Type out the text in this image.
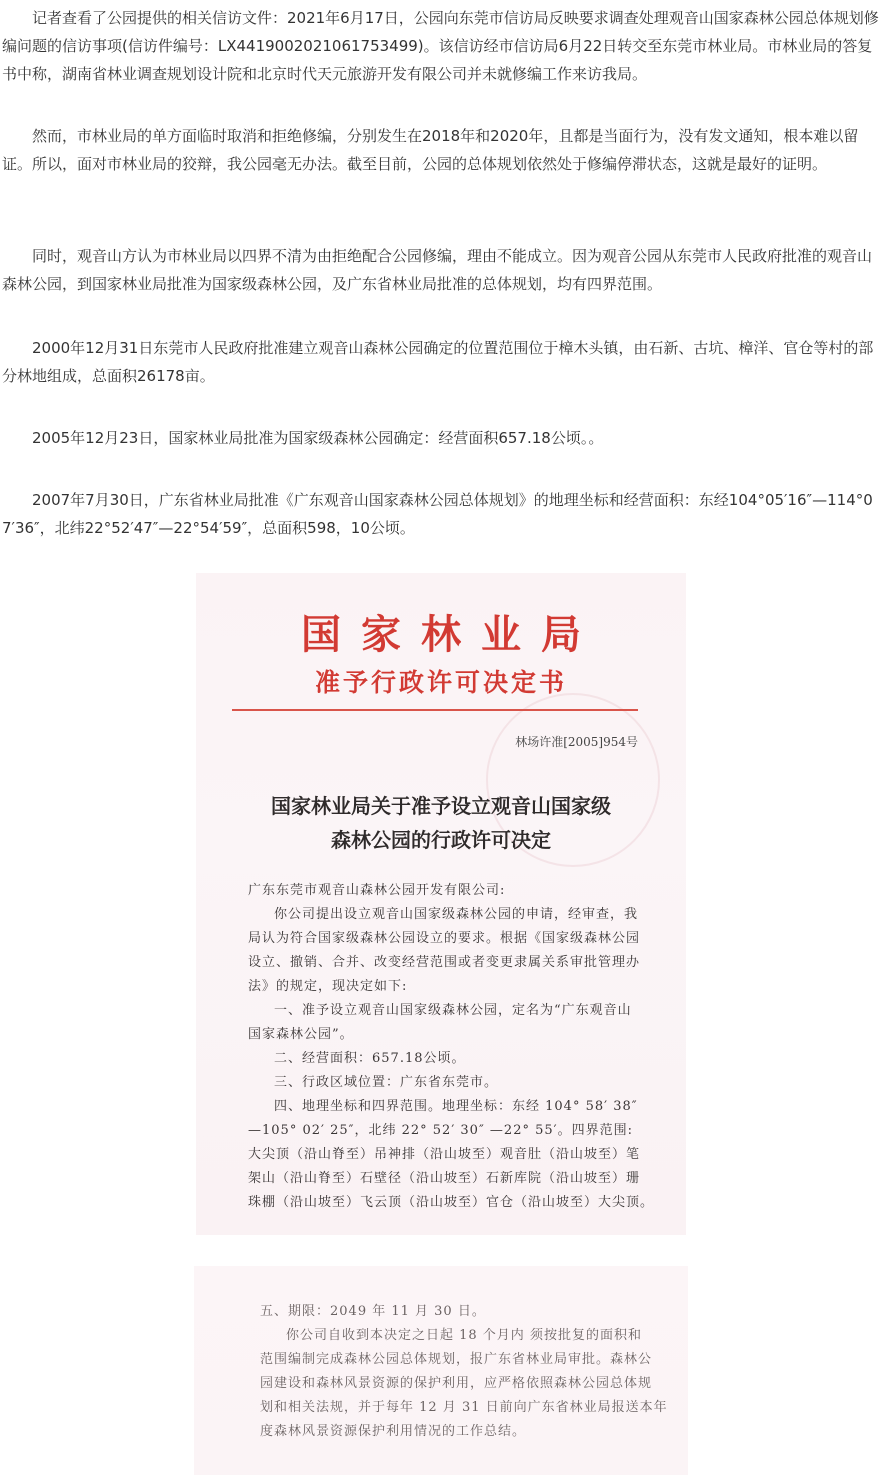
记者查看了公园提供的相关信访文件：2021年6月17日，公园向东莞市信访局反映要求调查处理观音山国家森林公园总体规划修编问题的信访事项(信访件编号：LX441900202106175349​9)。该信访经市信访局6月22日转交至东莞市林业局。市林业局的答复书中称，湖南省林业调查规划设计院和北京时代天元旅游开发有限公司并未就修编工作来访我局。

然而，市林业局的单方面临时取消和拒绝修编，分别发生在2018年和2020年，且都是当面行为，没有发文通知，根本难以留证。所以，面对市林业局的狡辩，我公园毫无办法。截至目前，公园的总体规划依然处于修编停滞状态，这就是最好的证明。

同时，观音山方认为市林业局以四界不清为由拒绝配合公园修编，理由不能成立。因为观音公园从东莞市人民政府批准的观音山森林公园，到国家林业局批准为国家级森林公园，及广东省林业局批准的总体规划，均有四界范围。

2000年12月31日东莞市人民政府批准建立观音山森林公园确定的位置范围位于樟木头镇，由石新、古坑、樟洋、官仓等村的部分林地组成，总面积26178亩。

2005年12月23日，国家林业局批准为国家级森林公园确定：经营面积657.18公顷。。

2007年7月30日，广东省林业局批准《广东观音山国家森林公园总体规划》的地理坐标和经营面积：东经104°05′16″—114°07′36″，北纬22°52′47″—22°54′59″，总面积598，10公顷。

国家林业局
准予行政许可决定书
林场许准[2005]954号
国家林业局关于准予设立观音山国家级
森林公园的行政许可决定
广东东莞市观音山森林公园开发有限公司:
你公司提出设立观音山国家级森林公园的申请，经审查，我
局认为符合国家级森林公园设立的要求。根据《国家级森林公园
设立、撤销、合并、改变经营范围或者变更隶属关系审批管理办
法》的规定，现决定如下:
一、准予设立观音山国家级森林公园，定名为“广东观音山
国家森林公园”。
二、经营面积：657.18公顷。
三、行政区域位置：广东省东莞市。
四、地理坐标和四界范围。地理坐标：东经 104° 58′ 38″
—105° 02′ 25″，北纬 22° 52′ 30″ —22° 55′。四界范围:
大尖顶（沿山脊至）吊神排（沿山坡至）观音肚（沿山坡至）笔
架山（沿山脊至）石壁径（沿山坡至）石新库院（沿山坡至）珊
珠棚（沿山坡至）飞云顶（沿山坡至）官仓（沿山坡至）大尖顶。
五、期限：2049 年 11 月 30 日。
你公司自收到本决定之日起 18 个月内 须按批复的面积和
范围编制完成森林公园总体规划，报广东省林业局审批。森林公
园建设和森林风景资源的保护利用，应严格依照森林公园总体规
划和相关法规，并于每年 12 月 31 日前向广东省林业局报送本年
度森林风景资源保护利用情况的工作总结。
